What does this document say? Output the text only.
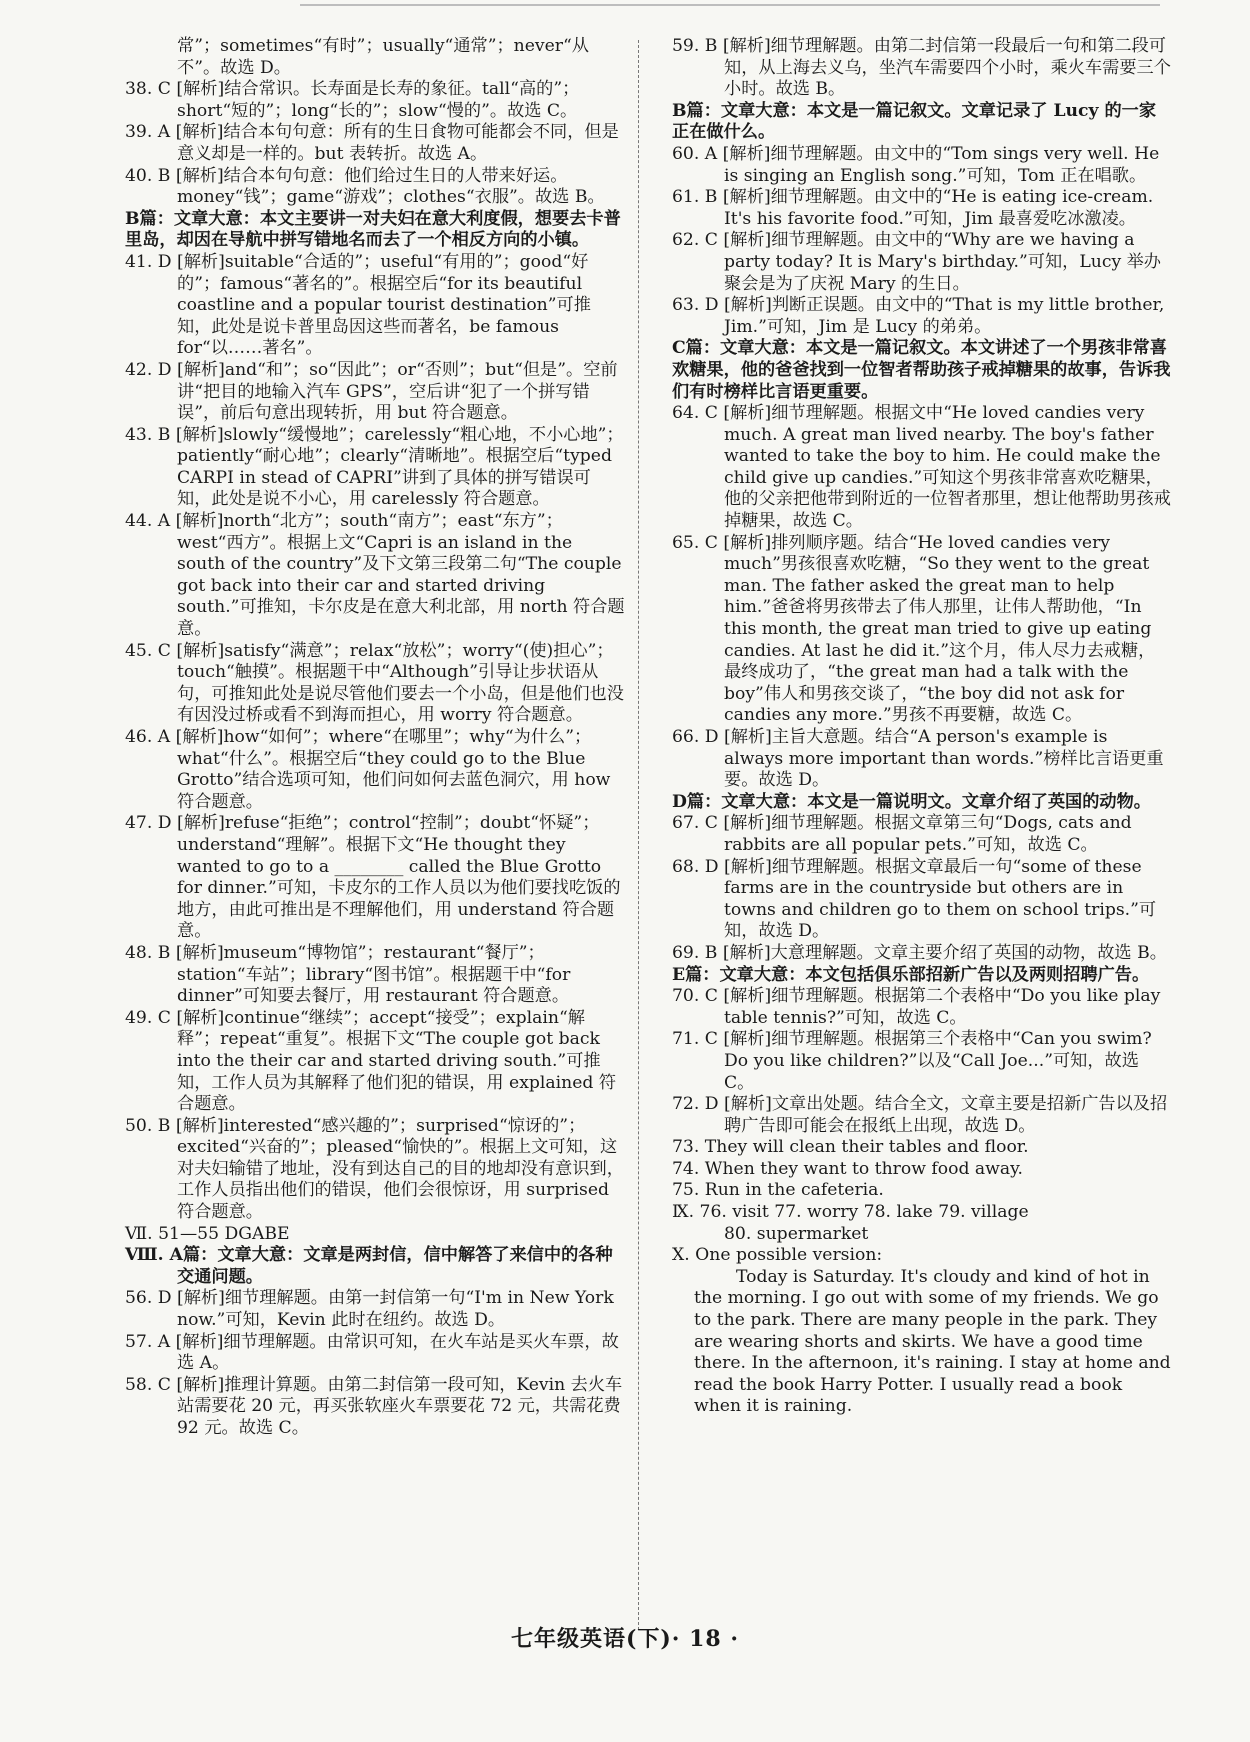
常”；sometimes“有时”；usually“通常”；never“从不”。故选 D。

38. C [解析]结合常识。长寿面是长寿的象征。tall“高的”；short“短的”；long“长的”；slow“慢的”。故选 C。

39. A [解析]结合本句句意：所有的生日食物可能都会不同，但是意义却是一样的。but 表转折。故选 A。

40. B [解析]结合本句句意：他们给过生日的人带来好运。money“钱”；game“游戏”；clothes“衣服”。故选 B。

B篇：文章大意：本文主要讲一对夫妇在意大利度假，想要去卡普里岛，却因在导航中拼写错地名而去了一个相反方向的小镇。

41. D [解析]suitable“合适的”；useful“有用的”；good“好的”；famous“著名的”。根据空后“for its beautiful coastline and a popular tourist destination”可推知，此处是说卡普里岛因这些而著名，be famous for“以……著名”。

42. D [解析]and“和”；so“因此”；or“否则”；but“但是”。空前讲“把目的地输入汽车 GPS”，空后讲“犯了一个拼写错误”，前后句意出现转折，用 but 符合题意。

43. B [解析]slowly“缓慢地”；carelessly“粗心地，不小心地”；patiently“耐心地”；clearly“清晰地”。根据空后“typed CARPI in stead of CAPRI”讲到了具体的拼写错误可知，此处是说不小心，用 carelessly 符合题意。

44. A [解析]north“北方”；south“南方”；east“东方”；west“西方”。根据上文“Capri is an island in the south of the country”及下文第三段第二句“The couple got back into their car and started driving south.”可推知，卡尔皮是在意大利北部，用 north 符合题意。

45. C [解析]satisfy“满意”；relax“放松”；worry“(使)担心”；touch“触摸”。根据题干中“Although”引导让步状语从句，可推知此处是说尽管他们要去一个小岛，但是他们也没有因没过桥或看不到海而担心，用 worry 符合题意。

46. A [解析]how“如何”；where“在哪里”；why“为什么”；what“什么”。根据空后“they could go to the Blue Grotto”结合选项可知，他们问如何去蓝色洞穴，用 how 符合题意。

47. D [解析]refuse“拒绝”；control“控制”；doubt“怀疑”；understand“理解”。根据下文“He thought they wanted to go to a ________ called the Blue Grotto for dinner.”可知，卡皮尔的工作人员以为他们要找吃饭的地方，由此可推出是不理解他们，用 understand 符合题意。

48. B [解析]museum“博物馆”；restaurant“餐厅”；station“车站”；library“图书馆”。根据题干中“for dinner”可知要去餐厅，用 restaurant 符合题意。

49. C [解析]continue“继续”；accept“接受”；explain“解释”；repeat“重复”。根据下文“The couple got back into the their car and started driving south.”可推知，工作人员为其解释了他们犯的错误，用 explained 符合题意。

50. B [解析]interested“感兴趣的”；surprised“惊讶的”；excited“兴奋的”；pleased“愉快的”。根据上文可知，这对夫妇输错了地址，没有到达自己的目的地却没有意识到，工作人员指出他们的错误，他们会很惊讶，用 surprised 符合题意。

Ⅶ. 51—55 DGABE

Ⅷ. A篇：文章大意：文章是两封信，信中解答了来信中的各种交通问题。

56. D [解析]细节理解题。由第一封信第一句“I'm in New York now.”可知，Kevin 此时在纽约。故选 D。

57. A [解析]细节理解题。由常识可知，在火车站是买火车票，故选 A。

58. C [解析]推理计算题。由第二封信第一段可知，Kevin 去火车站需要花 20 元，再买张软座火车票要花 72 元，共需花费 92 元。故选 C。

59. B [解析]细节理解题。由第二封信第一段最后一句和第二段可知，从上海去义乌，坐汽车需要四个小时，乘火车需要三个小时。故选 B。

B篇：文章大意：本文是一篇记叙文。文章记录了 Lucy 的一家正在做什么。

60. A [解析]细节理解题。由文中的“Tom sings very well. He is singing an English song.”可知，Tom 正在唱歌。

61. B [解析]细节理解题。由文中的“He is eating ice-cream. It's his favorite food.”可知，Jim 最喜爱吃冰激凌。

62. C [解析]细节理解题。由文中的“Why are we having a party today? It is Mary's birthday.”可知，Lucy 举办聚会是为了庆祝 Mary 的生日。

63. D [解析]判断正误题。由文中的“That is my little brother, Jim.”可知，Jim 是 Lucy 的弟弟。

C篇：文章大意：本文是一篇记叙文。本文讲述了一个男孩非常喜欢糖果，他的爸爸找到一位智者帮助孩子戒掉糖果的故事，告诉我们有时榜样比言语更重要。

64. C [解析]细节理解题。根据文中“He loved candies very much. A great man lived nearby. The boy's father wanted to take the boy to him. He could make the child give up candies.”可知这个男孩非常喜欢吃糖果，他的父亲把他带到附近的一位智者那里，想让他帮助男孩戒掉糖果，故选 C。

65. C [解析]排列顺序题。结合“He loved candies very much”男孩很喜欢吃糖，“So they went to the great man. The father asked the great man to help him.”爸爸将男孩带去了伟人那里，让伟人帮助他，“In this month, the great man tried to give up eating candies. At last he did it.”这个月，伟人尽力去戒糖，最终成功了，“the great man had a talk with the boy”伟人和男孩交谈了，“the boy did not ask for candies any more.”男孩不再要糖，故选 C。

66. D [解析]主旨大意题。结合“A person's example is always more important than words.”榜样比言语更重要。故选 D。

D篇：文章大意：本文是一篇说明文。文章介绍了英国的动物。

67. C [解析]细节理解题。根据文章第三句“Dogs, cats and rabbits are all popular pets.”可知，故选 C。

68. D [解析]细节理解题。根据文章最后一句“some of these farms are in the countryside but others are in towns and children go to them on school trips.”可知，故选 D。

69. B [解析]大意理解题。文章主要介绍了英国的动物，故选 B。

E篇：文章大意：本文包括俱乐部招新广告以及两则招聘广告。

70. C [解析]细节理解题。根据第二个表格中“Do you like play table tennis?”可知，故选 C。

71. C [解析]细节理解题。根据第三个表格中“Can you swim? Do you like children?”以及“Call Joe...”可知，故选 C。

72. D [解析]文章出处题。结合全文，文章主要是招新广告以及招聘广告即可能会在报纸上出现，故选 D。

73. They will clean their tables and floor.

74. When they want to throw food away.

75. Run in the cafeteria.

Ⅸ. 76. visit 77. worry 78. lake 79. village

80. supermarket

Ⅹ. One possible version:

Today is Saturday. It's cloudy and kind of hot in the morning. I go out with some of my friends. We go to the park. There are many people in the park. They are wearing shorts and skirts. We have a good time there. In the afternoon, it's raining. I stay at home and read the book Harry Potter. I usually read a book when it is raining.

七年级英语(下)· 18 ·
